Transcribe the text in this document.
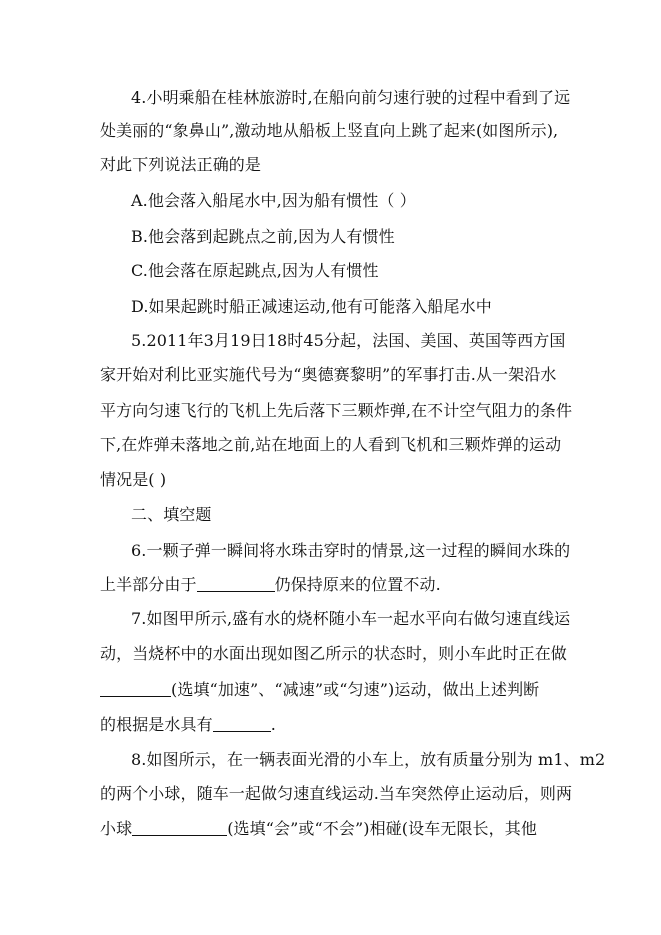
4.小明乘船在桂林旅游时,在船向前匀速行驶的过程中看到了远
处美丽的“象鼻山”,激动地从船板上竖直向上跳了起来(如图所示),
对此下列说法正确的是
A.他会落入船尾水中,因为船有惯性（ ）
B.他会落到起跳点之前,因为人有惯性
C.他会落在原起跳点,因为人有惯性
D.如果起跳时船正减速运动,他有可能落入船尾水中
5.2011年3月19日18时45分起，法国、美国、英国等西方国
家开始对利比亚实施代号为“奥德赛黎明”的军事打击.从一架沿水
平方向匀速飞行的飞机上先后落下三颗炸弹,在不计空气阻力的条件
下,在炸弹未落地之前,站在地面上的人看到飞机和三颗炸弹的运动
情况是( )
二、填空题
6.一颗子弹一瞬间将水珠击穿时的情景,这一过程的瞬间水珠的
上半部分由于	仍保持原来的位置不动.
7.如图甲所示,盛有水的烧杯随小车一起水平向右做匀速直线运
动，当烧杯中的水面出现如图乙所示的状态时，则小车此时正在做
(选填“加速”、“减速”或“匀速”)运动，做出上述判断
的根据是水具有	.
8.如图所示，在一辆表面光滑的小车上，放有质量分别为 m1、m2
的两个小球，随车一起做匀速直线运动.当车突然停止运动后，则两
小球	(选填“会”或“不会”)相碰(设车无限长，其他
